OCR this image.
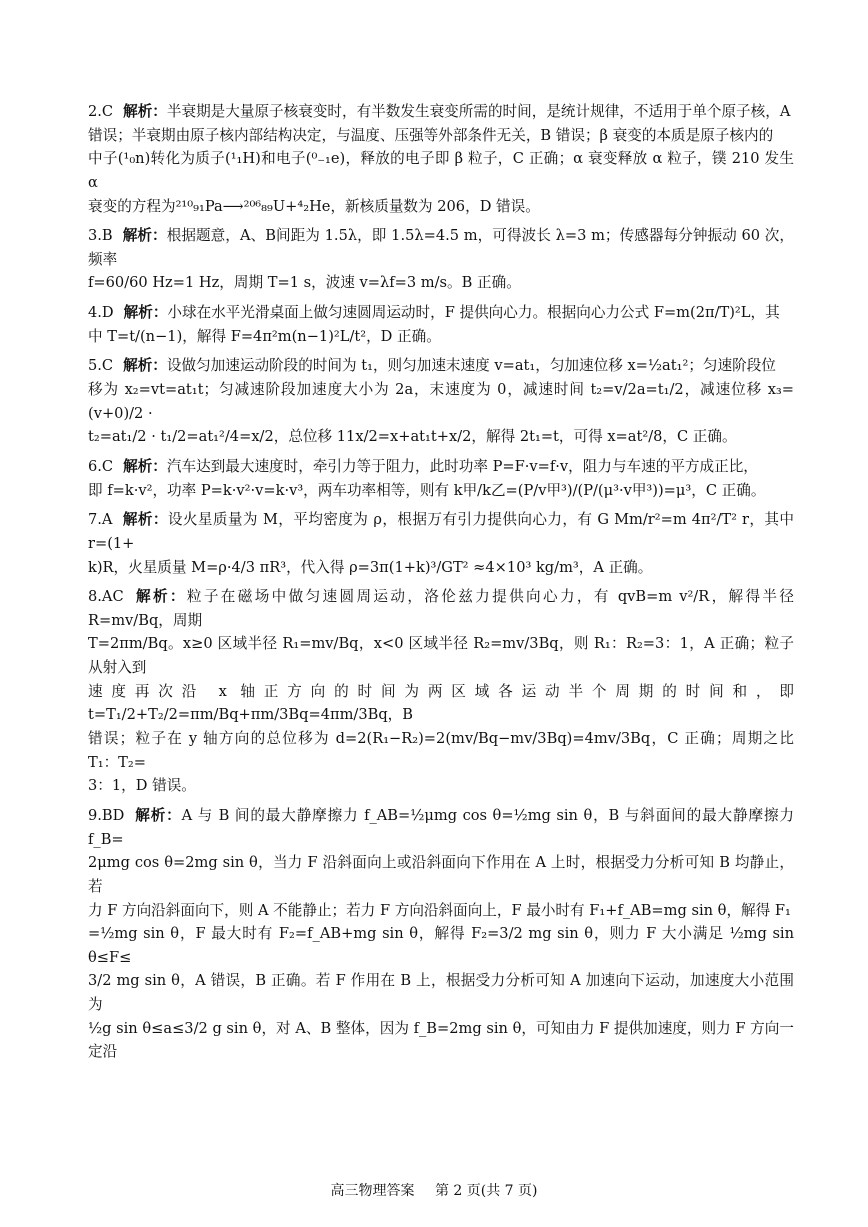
2.C 解析：半衰期是大量原子核衰变时，有半数发生衰变所需的时间，是统计规律，不适用于单个原子核，A
错误；半衰期由原子核内部结构决定，与温度、压强等外部条件无关，B 错误；β 衰变的本质是原子核内的
中子(¹₀n)转化为质子(¹₁H)和电子(⁰₋₁e)，释放的电子即 β 粒子，C 正确；α 衰变释放 α 粒子，镤 210 发生 α
衰变的方程为²¹⁰₉₁Pa⟶²⁰⁶₈₉U+⁴₂He，新核质量数为 206，D 错误。
3.B 解析：根据题意，A、B间距为 1.5λ，即 1.5λ=4.5 m，可得波长 λ=3 m；传感器每分钟振动 60 次，频率
f=60/60 Hz=1 Hz，周期 T=1 s，波速 v=λf=3 m/s。B 正确。
4.D 解析：小球在水平光滑桌面上做匀速圆周运动时，F 提供向心力。根据向心力公式 F=m(2π/T)²L，其
中 T=t/(n−1)，解得 F=4π²m(n−1)²L/t²，D 正确。
5.C 解析：设做匀加速运动阶段的时间为 t₁，则匀加速末速度 v=at₁，匀加速位移 x=½at₁²；匀速阶段位
移为 x₂=vt=at₁t；匀减速阶段加速度大小为 2a，末速度为 0，减速时间 t₂=v/2a=t₁/2，减速位移 x₃=(v+0)/2 ·
t₂=at₁/2 · t₁/2=at₁²/4=x/2，总位移 11x/2=x+at₁t+x/2，解得 2t₁=t，可得 x=at²/8，C 正确。
6.C 解析：汽车达到最大速度时，牵引力等于阻力，此时功率 P=F·v=f·v，阻力与车速的平方成正比，
即 f=k·v²，功率 P=k·v²·v=k·v³，两车功率相等，则有 k甲/k乙=(P/v甲³)/(P/(μ³·v甲³))=μ³，C 正确。
7.A 解析：设火星质量为 M，平均密度为 ρ，根据万有引力提供向心力，有 G Mm/r²=m 4π²/T² r，其中 r=(1+
k)R，火星质量 M=ρ·4/3 πR³，代入得 ρ=3π(1+k)³/GT² ≈4×10³ kg/m³，A 正确。
8.AC 解析：粒子在磁场中做匀速圆周运动，洛伦兹力提供向心力，有 qvB=m v²/R，解得半径 R=mv/Bq，周期
T=2πm/Bq。x≥0 区域半径 R₁=mv/Bq，x<0 区域半径 R₂=mv/3Bq，则 R₁：R₂=3：1，A 正确；粒子从射入到
速度再次沿 x 轴正方向的时间为两区域各运动半个周期的时间和，即 t=T₁/2+T₂/2=πm/Bq+πm/3Bq=4πm/3Bq，B
错误；粒子在 y 轴方向的总位移为 d=2(R₁−R₂)=2(mv/Bq−mv/3Bq)=4mv/3Bq，C 正确；周期之比 T₁：T₂=
3：1，D 错误。
9.BD 解析：A 与 B 间的最大静摩擦力 f_AB=½μmg cos θ=½mg sin θ，B 与斜面间的最大静摩擦力 f_B=
2μmg cos θ=2mg sin θ，当力 F 沿斜面向上或沿斜面向下作用在 A 上时，根据受力分析可知 B 均静止，若
力 F 方向沿斜面向下，则 A 不能静止；若力 F 方向沿斜面向上，F 最小时有 F₁+f_AB=mg sin θ，解得 F₁
=½mg sin θ，F 最大时有 F₂=f_AB+mg sin θ，解得 F₂=3/2 mg sin θ，则力 F 大小满足 ½mg sin θ≤F≤
3/2 mg sin θ，A 错误，B 正确。若 F 作用在 B 上，根据受力分析可知 A 加速向下运动，加速度大小范围为
½g sin θ≤a≤3/2 g sin θ，对 A、B 整体，因为 f_B=2mg sin θ，可知由力 F 提供加速度，则力 F 方向一定沿
高三物理答案 第 2 页(共 7 页)
